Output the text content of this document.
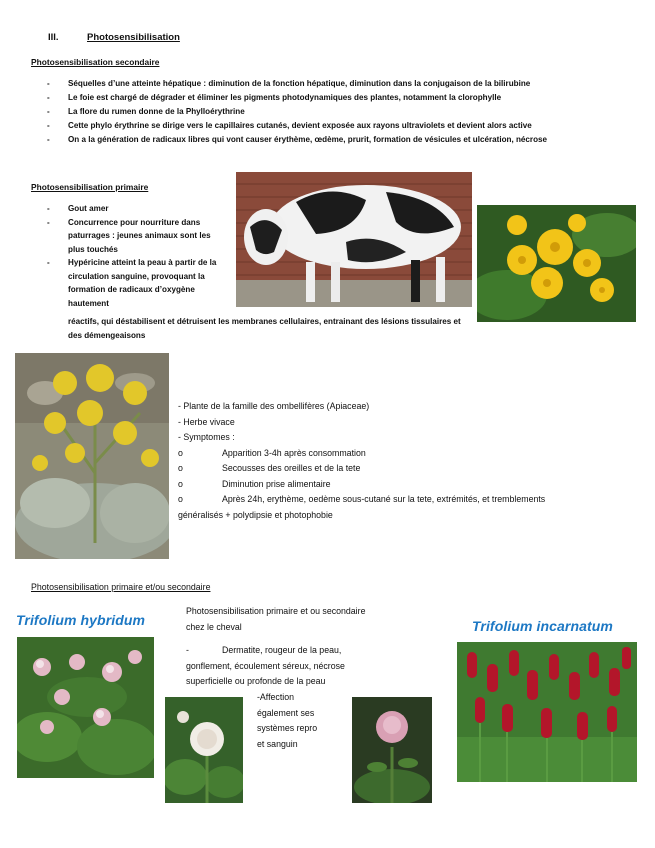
III.	Photosensibilisation
Photosensibilisation secondaire
- Séquelles d’une atteinte hépatique : diminution de la fonction hépatique, diminution dans la conjugaison de la bilirubine
- Le foie est chargé de dégrader et éliminer les pigments photodynamiques des plantes, notamment la clorophylle
- La flore du rumen donne de la Phylloérythrine
- Cette phylo érythrine se dirige vers le capillaires cutanés, devient exposée aux rayons ultraviolets et devient alors active
- On a la génération de radicaux libres qui vont causer érythème, œdème, prurit, formation de vésicules et ulcération, nécrose
Photosensibilisation primaire
- Gout amer
- Concurrence pour nourriture dans paturrages : jeunes animaux sont les plus touchés
- Hypéricine atteint la peau à partir de la circulation sanguine, provoquant la formation de radicaux d’oxygène hautement
réactifs, qui déstabilisent et détruisent les membranes cellulaires, entrainant des lésions tissulaires et des démengeaisons
- Plante de la famille des ombellifères (Apiaceae)
- Herbe vivace
- Symptomes :
o	Apparition 3-4h après consommation
o	Secousses des oreilles et de la tete
o	Diminution prise alimentaire
o	Après 24h, erythème, oedème sous-cutané sur la tete, extrémités, et tremblements
généralisés + polydipsie et photophobie
Photosensibilisation primaire et/ou secondaire
Trifolium hybridum	Trifolium incarnatum
Photosensibilisation primaire et ou secondaire
chez le cheval
-	Dermatite, rougeur de la peau,
gonflement, écoulement séreux, nécrose
superficielle ou profonde de la peau
-Affection
également ses
systèmes repro
et sanguin
